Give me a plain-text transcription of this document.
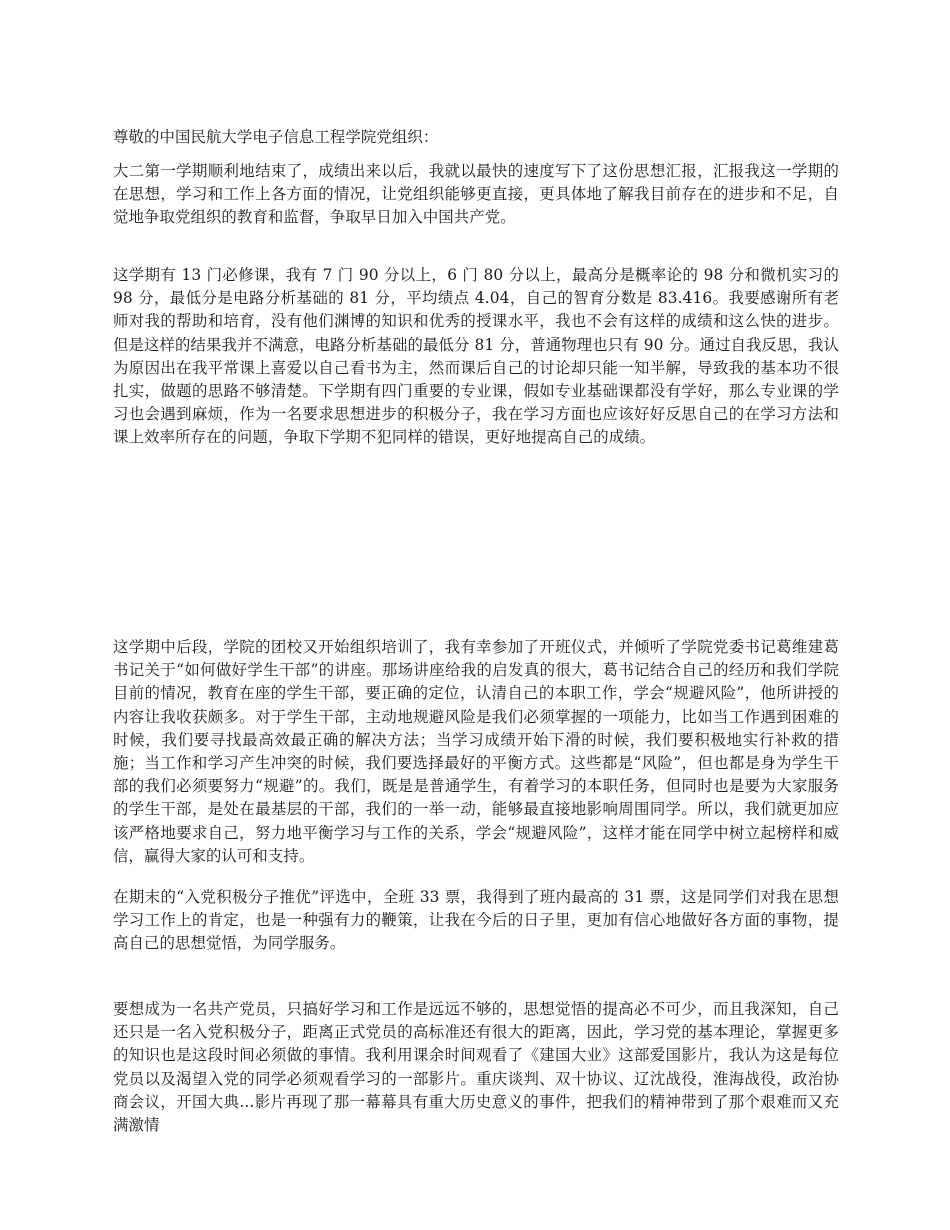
尊敬的中国民航大学电子信息工程学院党组织：

大二第一学期顺利地结束了，成绩出来以后，我就以最快的速度写下了这份思想汇报，汇报我这一学期的在思想，学习和工作上各方面的情况，让党组织能够更直接，更具体地了解我目前存在的进步和不足，自觉地争取党组织的教育和监督，争取早日加入中国共产党。

这学期有 13 门必修课，我有 7 门 90 分以上，6 门 80 分以上，最高分是概率论的 98 分和微机实习的 98 分，最低分是电路分析基础的 81 分，平均绩点 4.04，自己的智育分数是 83.416。我要感谢所有老师对我的帮助和培育，没有他们渊博的知识和优秀的授课水平，我也不会有这样的成绩和这么快的进步。但是这样的结果我并不满意，电路分析基础的最低分 81 分，普通物理也只有 90 分。通过自我反思，我认为原因出在我平常课上喜爱以自己看书为主，然而课后自己的讨论却只能一知半解，导致我的基本功不很扎实，做题的思路不够清楚。下学期有四门重要的专业课，假如专业基础课都没有学好，那么专业课的学习也会遇到麻烦，作为一名要求思想进步的积极分子，我在学习方面也应该好好反思自己的在学习方法和课上效率所存在的问题，争取下学期不犯同样的错误，更好地提高自己的成绩。

这学期中后段，学院的团校又开始组织培训了，我有幸参加了开班仪式，并倾听了学院党委书记葛维建葛书记关于“如何做好学生干部”的讲座。那场讲座给我的启发真的很大，葛书记结合自己的经历和我们学院目前的情况，教育在座的学生干部，要正确的定位，认清自己的本职工作，学会“规避风险”，他所讲授的内容让我收获颇多。对于学生干部，主动地规避风险是我们必须掌握的一项能力，比如当工作遇到困难的时候，我们要寻找最高效最正确的解决方法；当学习成绩开始下滑的时候，我们要积极地实行补救的措施；当工作和学习产生冲突的时候，我们要选择最好的平衡方式。这些都是“风险”，但也都是身为学生干部的我们必须要努力“规避”的。我们，既是是普通学生，有着学习的本职任务，但同时也是要为大家服务的学生干部，是处在最基层的干部，我们的一举一动，能够最直接地影响周围同学。所以，我们就更加应该严格地要求自己，努力地平衡学习与工作的关系，学会“规避风险”，这样才能在同学中树立起榜样和威信，赢得大家的认可和支持。

在期末的“入党积极分子推优”评选中，全班 33 票，我得到了班内最高的 31 票，这是同学们对我在思想学习工作上的肯定，也是一种强有力的鞭策，让我在今后的日子里，更加有信心地做好各方面的事物，提高自己的思想觉悟，为同学服务。

要想成为一名共产党员，只搞好学习和工作是远远不够的，思想觉悟的提高必不可少，而且我深知，自己还只是一名入党积极分子，距离正式党员的高标准还有很大的距离，因此，学习党的基本理论，掌握更多的知识也是这段时间必须做的事情。我利用课余时间观看了《建国大业》这部爱国影片，我认为这是每位党员以及渴望入党的同学必须观看学习的一部影片。重庆谈判、双十协议、辽沈战役，淮海战役，政治协商会议，开国大典...影片再现了那一幕幕具有重大历史意义的事件，把我们的精神带到了那个艰难而又充满激情
